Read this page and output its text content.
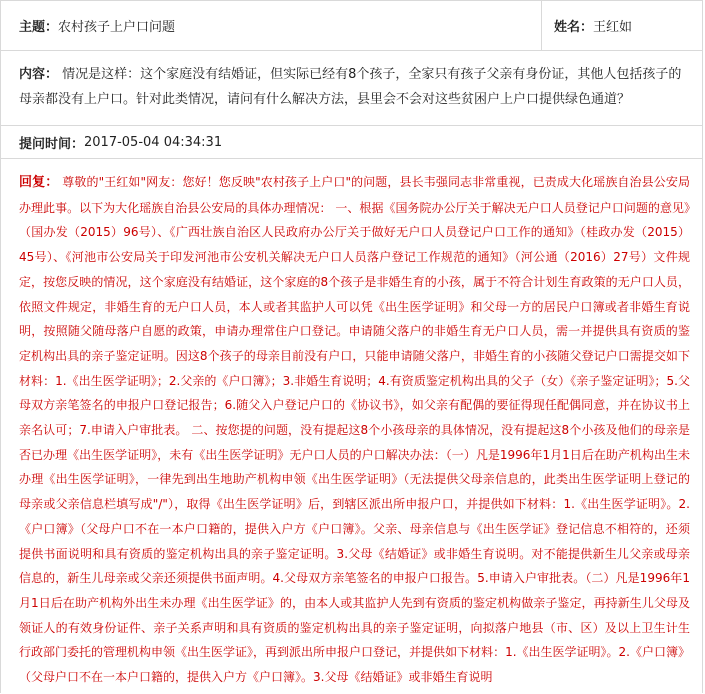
主题： 农村孩子上户口问题	姓名： 王红如
内容： 情况是这样：这个家庭没有结婚证，但实际已经有8个孩子，全家只有孩子父亲有身份证，其他人包括孩子的母亲都没有上户口。针对此类情况，请问有什么解决方法，县里会不会对这些贫困户上户口提供绿色通道？
提问时间： 2017-05-04 04:34:31
回复： 尊敬的"王红如"网友：您好！您反映"农村孩子上户口"的问题，县长韦强同志非常重视，已责成大化瑶族自治县公安局办理此事。以下为大化瑶族自治县公安局的具体办理情况： 一、根据《国务院办公厅关于解决无户口人员登记户口问题的意见》（国办发（2015）96号）、《广西壮族自治区人民政府办公厅关于做好无户口人员登记户口工作的通知》（桂政办发（2015）45号）、《河池市公安局关于印发河池市公安机关解决无户口人员落户登记工作规范的通知》（河公通（2016）27号）文件规定，按您反映的情况，这个家庭没有结婚证，这个家庭的8个孩子是非婚生育的小孩，属于不符合计划生育政策的无户口人员，依照文件规定，非婚生育的无户口人员，本人或者其监护人可以凭《出生医学证明》和父母一方的居民户口簿或者非婚生育说明，按照随父随母落户自愿的政策，申请办理常住户口登记。申请随父落户的非婚生育无户口人员，需一并提供具有资质的鉴定机构出具的亲子鉴定证明。因这8个孩子的母亲目前没有户口，只能申请随父落户，非婚生育的小孩随父登记户口需提交如下材料：1.《出生医学证明》；2.父亲的《户口簿》；3.非婚生育说明；4.有资质鉴定机构出具的父子（女）《亲子鉴定证明》；5.父母双方亲笔签名的申报户口登记报告；6.随父入户登记户口的《协议书》，如父亲有配偶的要征得现任配偶同意，并在协议书上亲名认可；7.申请入户审批表。 二、按您提的问题，没有提起这8个小孩母亲的具体情况，没有提起这8个小孩及他们的母亲是否已办理《出生医学证明》，未有《出生医学证明》无户口人员的户口解决办法：（一）凡是1996年1月1日后在助产机构出生未办理《出生医学证明》，一律先到出生地助产机构申领《出生医学证明》（无法提供父母亲信息的，此类出生医学证明上登记的母亲或父亲信息栏填写成"/"），取得《出生医学证明》后，到辖区派出所申报户口，并提供如下材料：1.《出生医学证明》。2.《户口簿》（父母户口不在一本户口籍的，提供入户方《户口簿》。父亲、母亲信息与《出生医学证》登记信息不相符的，还须提供书面说明和具有资质的鉴定机构出具的亲子鉴定证明。3.父母《结婚证》或非婚生育说明。对不能提供新生儿父亲或母亲信息的，新生儿母亲或父亲还须提供书面声明。4.父母双方亲笔签名的申报户口报告。5.申请入户审批表。（二）凡是1996年1月1日后在助产机构外出生未办理《出生医学证》的，由本人或其监护人先到有资质的鉴定机构做亲子鉴定，再持新生儿父母及领证人的有效身份证件、亲子关系声明和具有资质的鉴定机构出具的亲子鉴定证明，向拟落户地县（市、区）及以上卫生计生行政部门委托的管理机构申领《出生医学证》，再到派出所申报户口登记，并提供如下材料：1.《出生医学证明》。2.《户口簿》（父母户口不在一本户口籍的，提供入户方《户口簿》。3.父母《结婚证》或非婚生育说明
